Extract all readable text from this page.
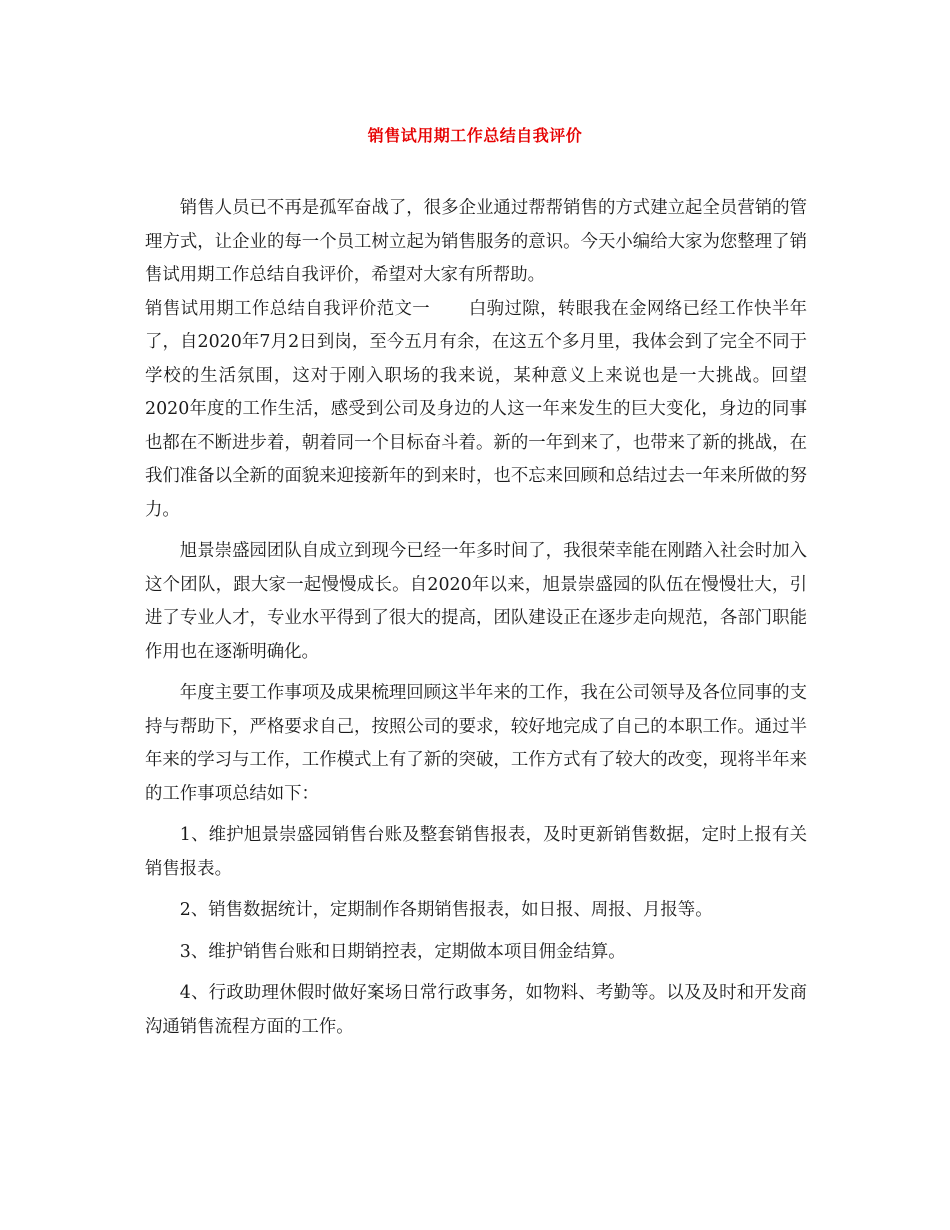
销售试用期工作总结自我评价

销售人员已不再是孤军奋战了，很多企业通过帮帮销售的方式建立起全员营销的管理方式，让企业的每一个员工树立起为销售服务的意识。今天小编给大家为您整理了销售试用期工作总结自我评价，希望对大家有所帮助。

销售试用期工作总结自我评价范文一 白驹过隙，转眼我在金网络已经工作快半年了，自2020年7月2日到岗，至今五月有余，在这五个多月里，我体会到了完全不同于学校的生活氛围，这对于刚入职场的我来说，某种意义上来说也是一大挑战。回望2020年度的工作生活，感受到公司及身边的人这一年来发生的巨大变化，身边的同事也都在不断进步着，朝着同一个目标奋斗着。新的一年到来了，也带来了新的挑战，在我们准备以全新的面貌来迎接新年的到来时，也不忘来回顾和总结过去一年来所做的努力。

旭景崇盛园团队自成立到现今已经一年多时间了，我很荣幸能在刚踏入社会时加入这个团队，跟大家一起慢慢成长。自2020年以来，旭景崇盛园的队伍在慢慢壮大，引进了专业人才，专业水平得到了很大的提高，团队建设正在逐步走向规范，各部门职能作用也在逐渐明确化。

年度主要工作事项及成果梳理回顾这半年来的工作，我在公司领导及各位同事的支持与帮助下，严格要求自己，按照公司的要求，较好地完成了自己的本职工作。通过半年来的学习与工作，工作模式上有了新的突破，工作方式有了较大的改变，现将半年来的工作事项总结如下：

1、维护旭景崇盛园销售台账及整套销售报表，及时更新销售数据，定时上报有关销售报表。

2、销售数据统计，定期制作各期销售报表，如日报、周报、月报等。

3、维护销售台账和日期销控表，定期做本项目佣金结算。

4、行政助理休假时做好案场日常行政事务，如物料、考勤等。以及及时和开发商沟通销售流程方面的工作。
